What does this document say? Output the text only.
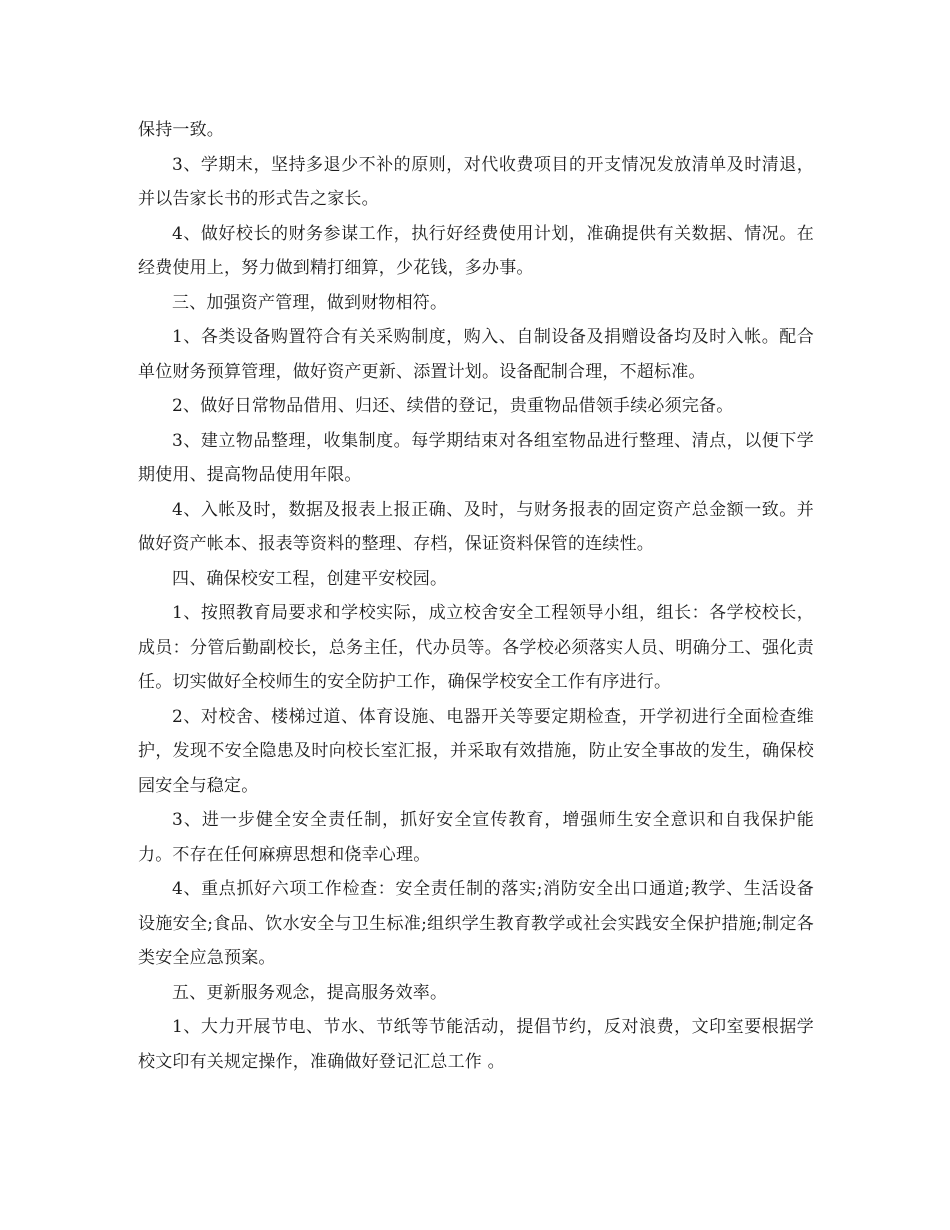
保持一致。

3、学期末，坚持多退少不补的原则，对代收费项目的开支情况发放清单及时清退，并以告家长书的形式告之家长。

4、做好校长的财务参谋工作，执行好经费使用计划，准确提供有关数据、情况。在经费使用上，努力做到精打细算，少花钱，多办事。

三、加强资产管理，做到财物相符。

1、各类设备购置符合有关采购制度，购入、自制设备及捐赠设备均及时入帐。配合单位财务预算管理，做好资产更新、添置计划。设备配制合理，不超标准。

2、做好日常物品借用、归还、续借的登记，贵重物品借领手续必须完备。

3、建立物品整理，收集制度。每学期结束对各组室物品进行整理、清点，以便下学期使用、提高物品使用年限。

4、入帐及时，数据及报表上报正确、及时，与财务报表的固定资产总金额一致。并做好资产帐本、报表等资料的整理、存档，保证资料保管的连续性。

四、确保校安工程，创建平安校园。

1、按照教育局要求和学校实际，成立校舍安全工程领导小组，组长：各学校校长，成员：分管后勤副校长，总务主任，代办员等。各学校必须落实人员、明确分工、强化责任。切实做好全校师生的安全防护工作，确保学校安全工作有序进行。

2、对校舍、楼梯过道、体育设施、电器开关等要定期检查，开学初进行全面检查维护，发现不安全隐患及时向校长室汇报，并采取有效措施，防止安全事故的发生，确保校园安全与稳定。

3、进一步健全安全责任制，抓好安全宣传教育，增强师生安全意识和自我保护能力。不存在任何麻痹思想和侥幸心理。

4、重点抓好六项工作检查：安全责任制的落实;消防安全出口通道;教学、生活设备设施安全;食品、饮水安全与卫生标准;组织学生教育教学或社会实践安全保护措施;制定各类安全应急预案。

五、更新服务观念，提高服务效率。

1、大力开展节电、节水、节纸等节能活动，提倡节约，反对浪费，文印室要根据学校文印有关规定操作，准确做好登记汇总工作 。
